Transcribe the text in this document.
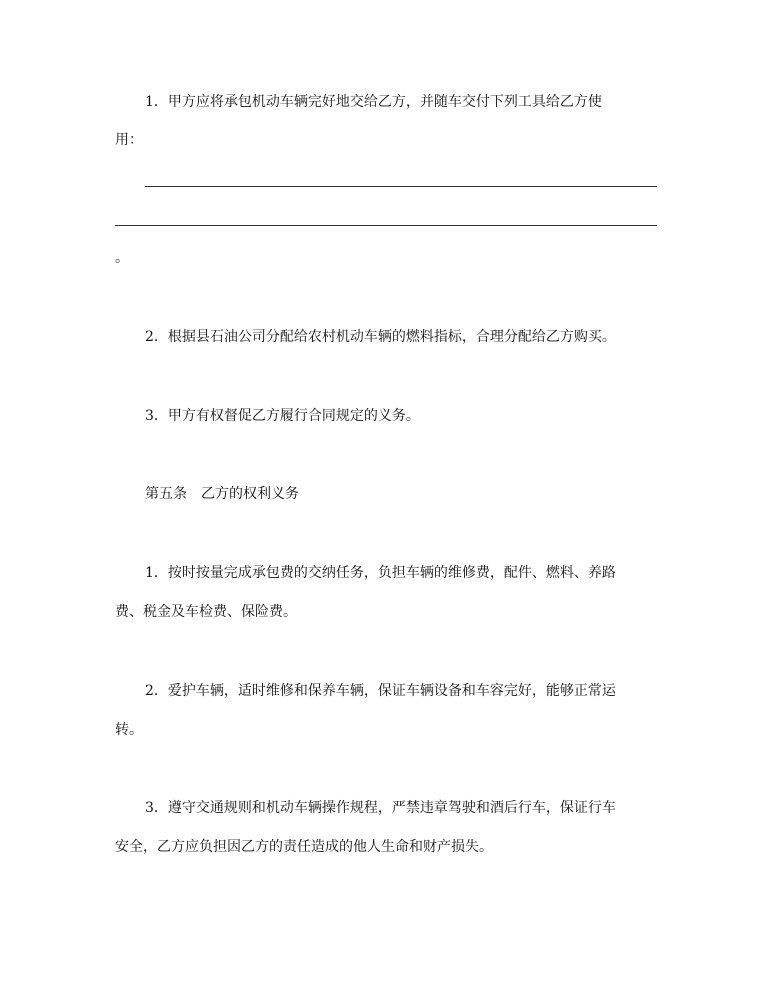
1．甲方应将承包机动车辆完好地交给乙方，并随车交付下列工具给乙方使
用：
。
2．根据县石油公司分配给农村机动车辆的燃料指标，合理分配给乙方购买。
3．甲方有权督促乙方履行合同规定的义务。
第五条　乙方的权利义务
1．按时按量完成承包费的交纳任务，负担车辆的维修费，配件、燃料、养路
费、税金及车检费、保险费。
2．爱护车辆，适时维修和保养车辆，保证车辆设备和车容完好，能够正常运
转。
3．遵守交通规则和机动车辆操作规程，严禁违章驾驶和酒后行车，保证行车
安全，乙方应负担因乙方的责任造成的他人生命和财产损失。
